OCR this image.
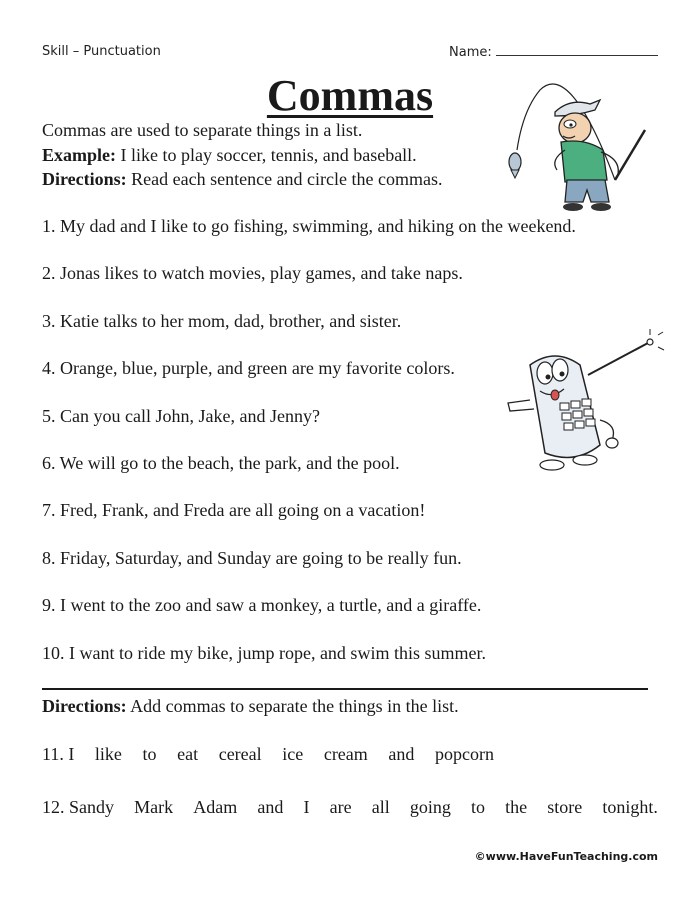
Skill – Punctuation	Name:
Commas
Commas are used to separate things in a list.
Example: I like to play soccer, tennis, and baseball.
Directions: Read each sentence and circle the commas.
1. My dad and I like to go fishing, swimming, and hiking on the weekend.
2. Jonas likes to watch movies, play games, and take naps.
3. Katie talks to her mom, dad, brother, and sister.
4. Orange, blue, purple, and green are my favorite colors.
5. Can you call John, Jake, and Jenny?
6. We will go to the beach, the park, and the pool.
7. Fred, Frank, and Freda are all going on a vacation!
8. Friday, Saturday, and Sunday are going to be really fun.
9. I went to the zoo and saw a monkey, a turtle, and a giraffe.
10. I want to ride my bike, jump rope, and swim this summer.
Directions: Add commas to separate the things in the list.
11. I like to eat cereal ice cream and popcorn
12. Sandy Mark Adam and I are all going to the store tonight.
©www.HaveFunTeaching.com
